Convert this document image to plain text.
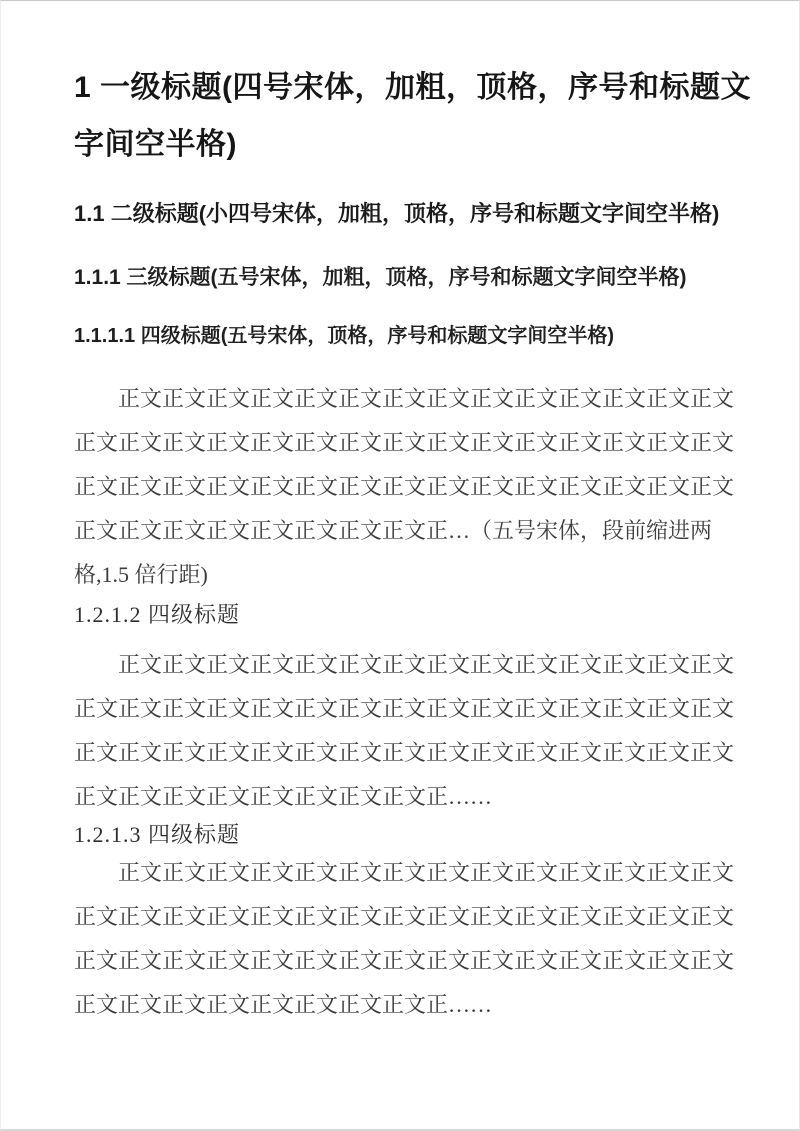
1 一级标题(四号宋体，加粗，顶格，序号和标题文
字间空半格)
1.1 二级标题(小四号宋体，加粗，顶格，序号和标题文字间空半格)
1.1.1 三级标题(五号宋体，加粗，顶格，序号和标题文字间空半格)
1.1.1.1 四级标题(五号宋体，顶格，序号和标题文字间空半格)
正文正文正文正文正文正文正文正文正文正文正文正文正文正文
正文正文正文正文正文正文正文正文正文正文正文正文正文正文正文
正文正文正文正文正文正文正文正文正文正文正文正文正文正文正文
正文正文正文正文正文正文正文正文正…（五号宋体，段前缩进两
格,1.5 倍行距)
1.2.1.2 四级标题
正文正文正文正文正文正文正文正文正文正文正文正文正文正文
正文正文正文正文正文正文正文正文正文正文正文正文正文正文正文
正文正文正文正文正文正文正文正文正文正文正文正文正文正文正文
正文正文正文正文正文正文正文正文正……
1.2.1.3 四级标题
正文正文正文正文正文正文正文正文正文正文正文正文正文正文
正文正文正文正文正文正文正文正文正文正文正文正文正文正文正文
正文正文正文正文正文正文正文正文正文正文正文正文正文正文正文
正文正文正文正文正文正文正文正文正……
